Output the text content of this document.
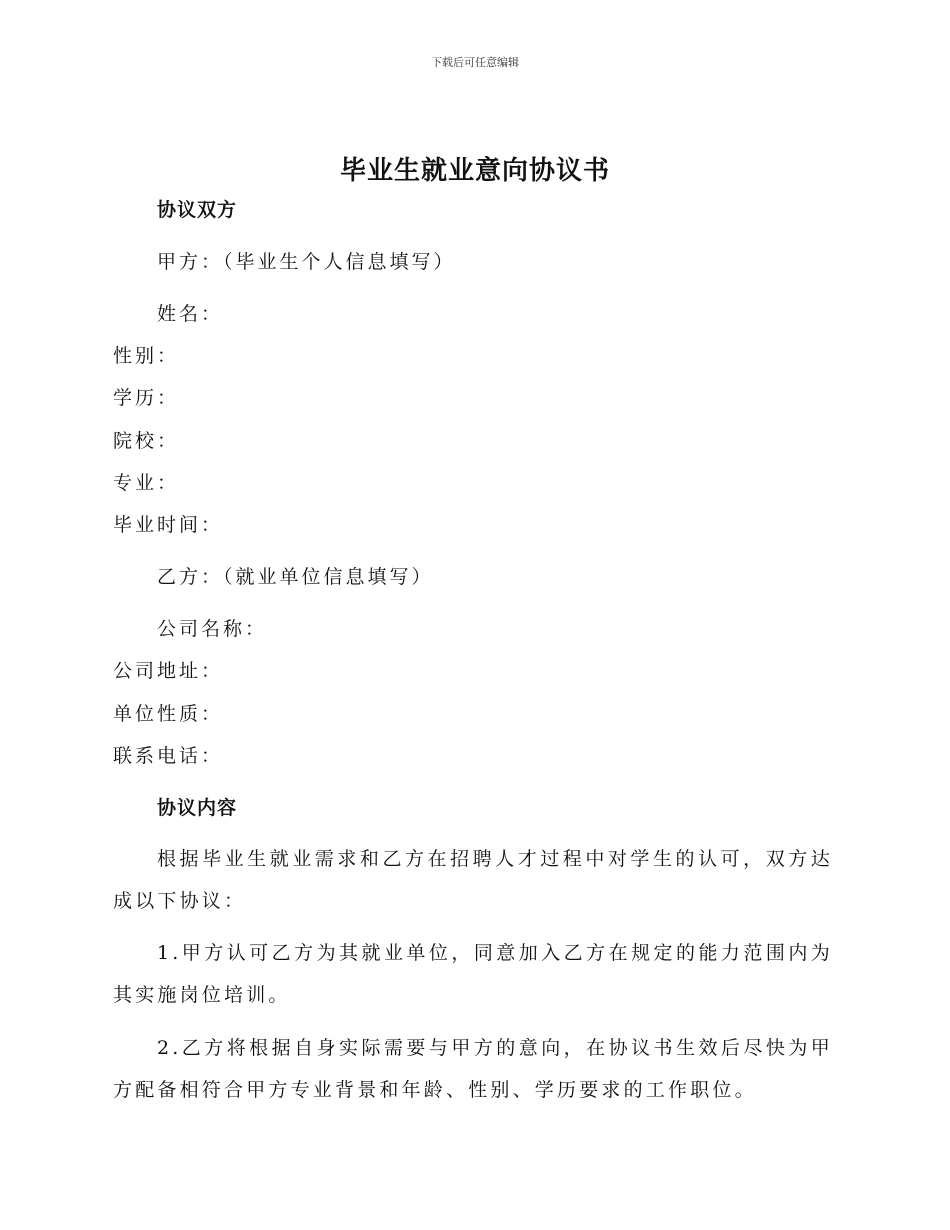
下载后可任意编辑
毕业生就业意向协议书
协议双方
甲方：（毕业生个人信息填写）
姓名：
性别：
学历：
院校：
专业：
毕业时间：
乙方：（就业单位信息填写）
公司名称：
公司地址：
单位性质：
联系电话：
协议内容
根据毕业生就业需求和乙方在招聘人才过程中对学生的认可，双方达成以下协议：
1.甲方认可乙方为其就业单位，同意加入乙方在规定的能力范围内为其实施岗位培训。
2.乙方将根据自身实际需要与甲方的意向，在协议书生效后尽快为甲方配备相符合甲方专业背景和年龄、性别、学历要求的工作职位。
